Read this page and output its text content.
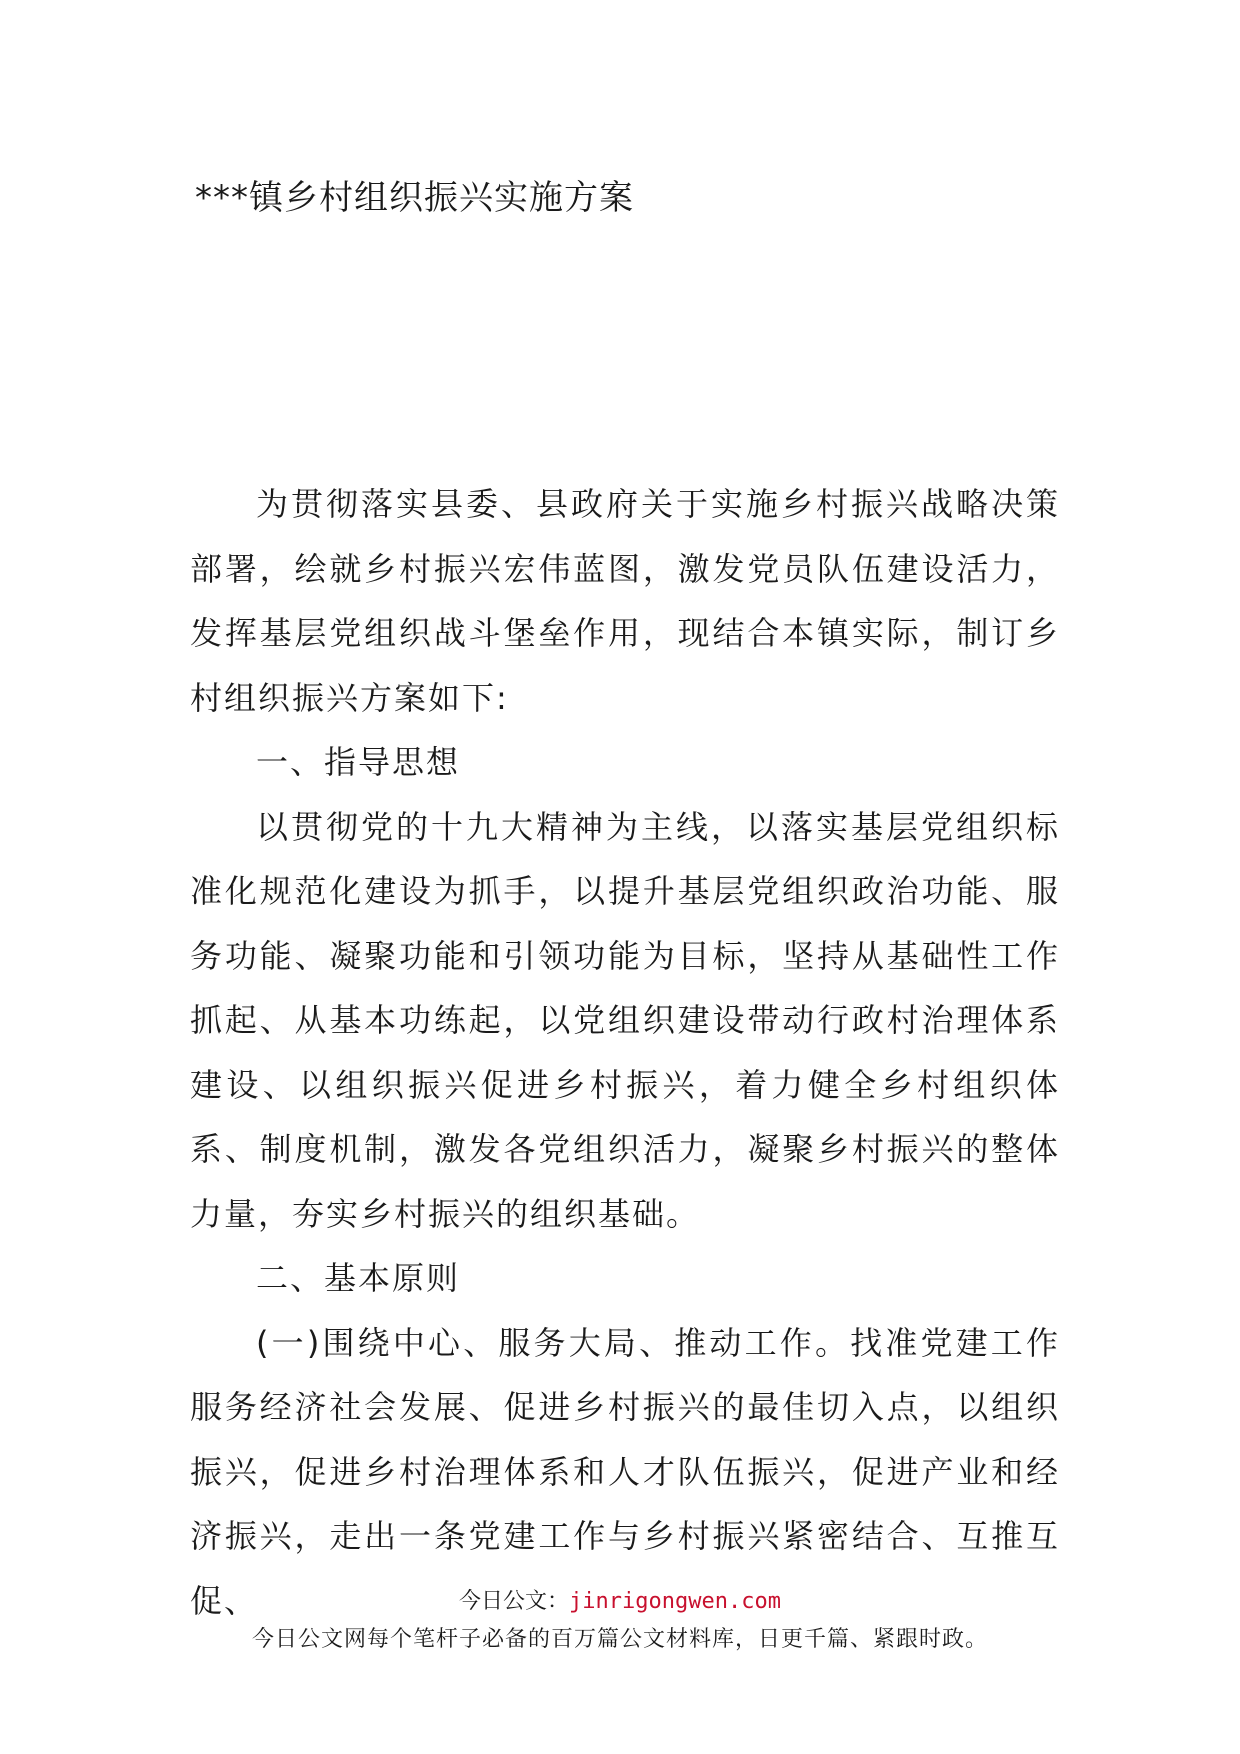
***镇乡村组织振兴实施方案

为贯彻落实县委、县政府关于实施乡村振兴战略决策部署，绘就乡村振兴宏伟蓝图，激发党员队伍建设活力，发挥基层党组织战斗堡垒作用，现结合本镇实际，制订乡村组织振兴方案如下:

一、指导思想

以贯彻党的十九大精神为主线，以落实基层党组织标准化规范化建设为抓手，以提升基层党组织政治功能、服务功能、凝聚功能和引领功能为目标，坚持从基础性工作抓起、从基本功练起，以党组织建设带动行政村治理体系建设、以组织振兴促进乡村振兴，着力健全乡村组织体系、制度机制，激发各党组织活力，凝聚乡村振兴的整体力量，夯实乡村振兴的组织基础。

二、基本原则

(一)围绕中心、服务大局、推动工作。找准党建工作服务经济社会发展、促进乡村振兴的最佳切入点，以组织振兴，促进乡村治理体系和人才队伍振兴，促进产业和经济振兴，走出一条党建工作与乡村振兴紧密结合、互推互促、	今日公文：jinrigongwen.com
今日公文网每个笔杆子必备的百万篇公文材料库，日更千篇、紧跟时政。
